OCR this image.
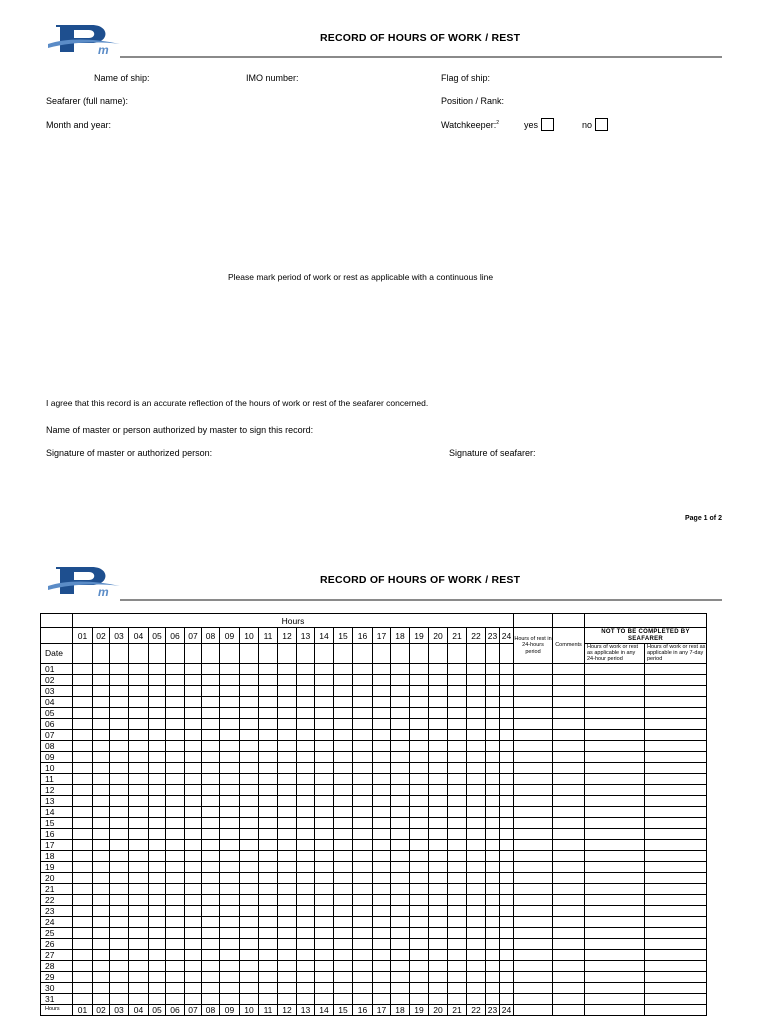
m
RECORD OF HOURS OF WORK / REST
Name of ship:	IMO number:	Flag of ship:
Seafarer (full name):	Position / Rank:
Month and year:	Watchkeeper:$^2$	yes	no
Please mark period of work or rest as applicable with a continuous line
I agree that this record is an accurate reflection of the hours of work or rest of the seafarer concerned.
Name of master or person authorized by master to sign this record:
Signature of master or authorized person:	Signature of seafarer:
Page 1 of 2
m
RECORD OF HOURS OF WORK / REST
	Hours																											
	01	02	03	04	05	06	07	08	09	10	11	12	13	14	15	16	17	18	19	20	21	22	23	24	Hours of rest in 24-hours period	Comments	NOT TO BE COMPLETED BY SEAFARER	
Date																											Hours of work or rest as applicable in any 24-hour period	Hours of work or rest as applicable in any 7-day period
01																												
02																												
03																												
04																												
05																												
06																												
07																												
08																												
09																												
10																												
11																												
12																												
13																												
14																												
15																												
16																												
17																												
18																												
19																												
20																												
21																												
22																												
23																												
24																												
25																												
26																												
27																												
28																												
29																												
30																												
31																												
Hours	01	02	03	04	05	06	07	08	09	10	11	12	13	14	15	16	17	18	19	20	21	22	23	24				
